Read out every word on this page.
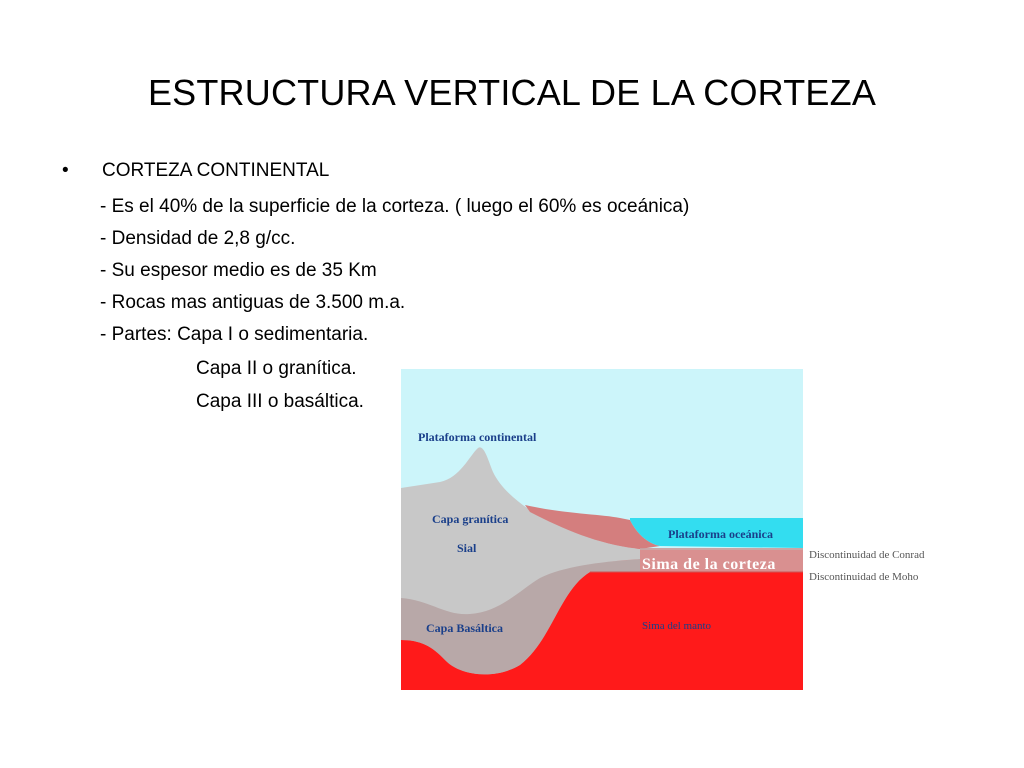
ESTRUCTURA VERTICAL DE LA CORTEZA
•	CORTEZA CONTINENTAL
- Es el 40% de la superficie de la corteza. ( luego el 60% es oceánica)
- Densidad de 2,8 g/cc.
- Su espesor medio es de 35 Km
- Rocas mas antiguas de 3.500 m.a.
- Partes: Capa I o sedimentaria.
Capa II o granítica.
Capa III o basáltica.
Plataforma continental
Capa granítica
Sial
Plataforma oceánica
Sima de la corteza
Capa Basáltica	Sima del manto
Discontinuidad de Conrad
Discontinuidad de Moho
